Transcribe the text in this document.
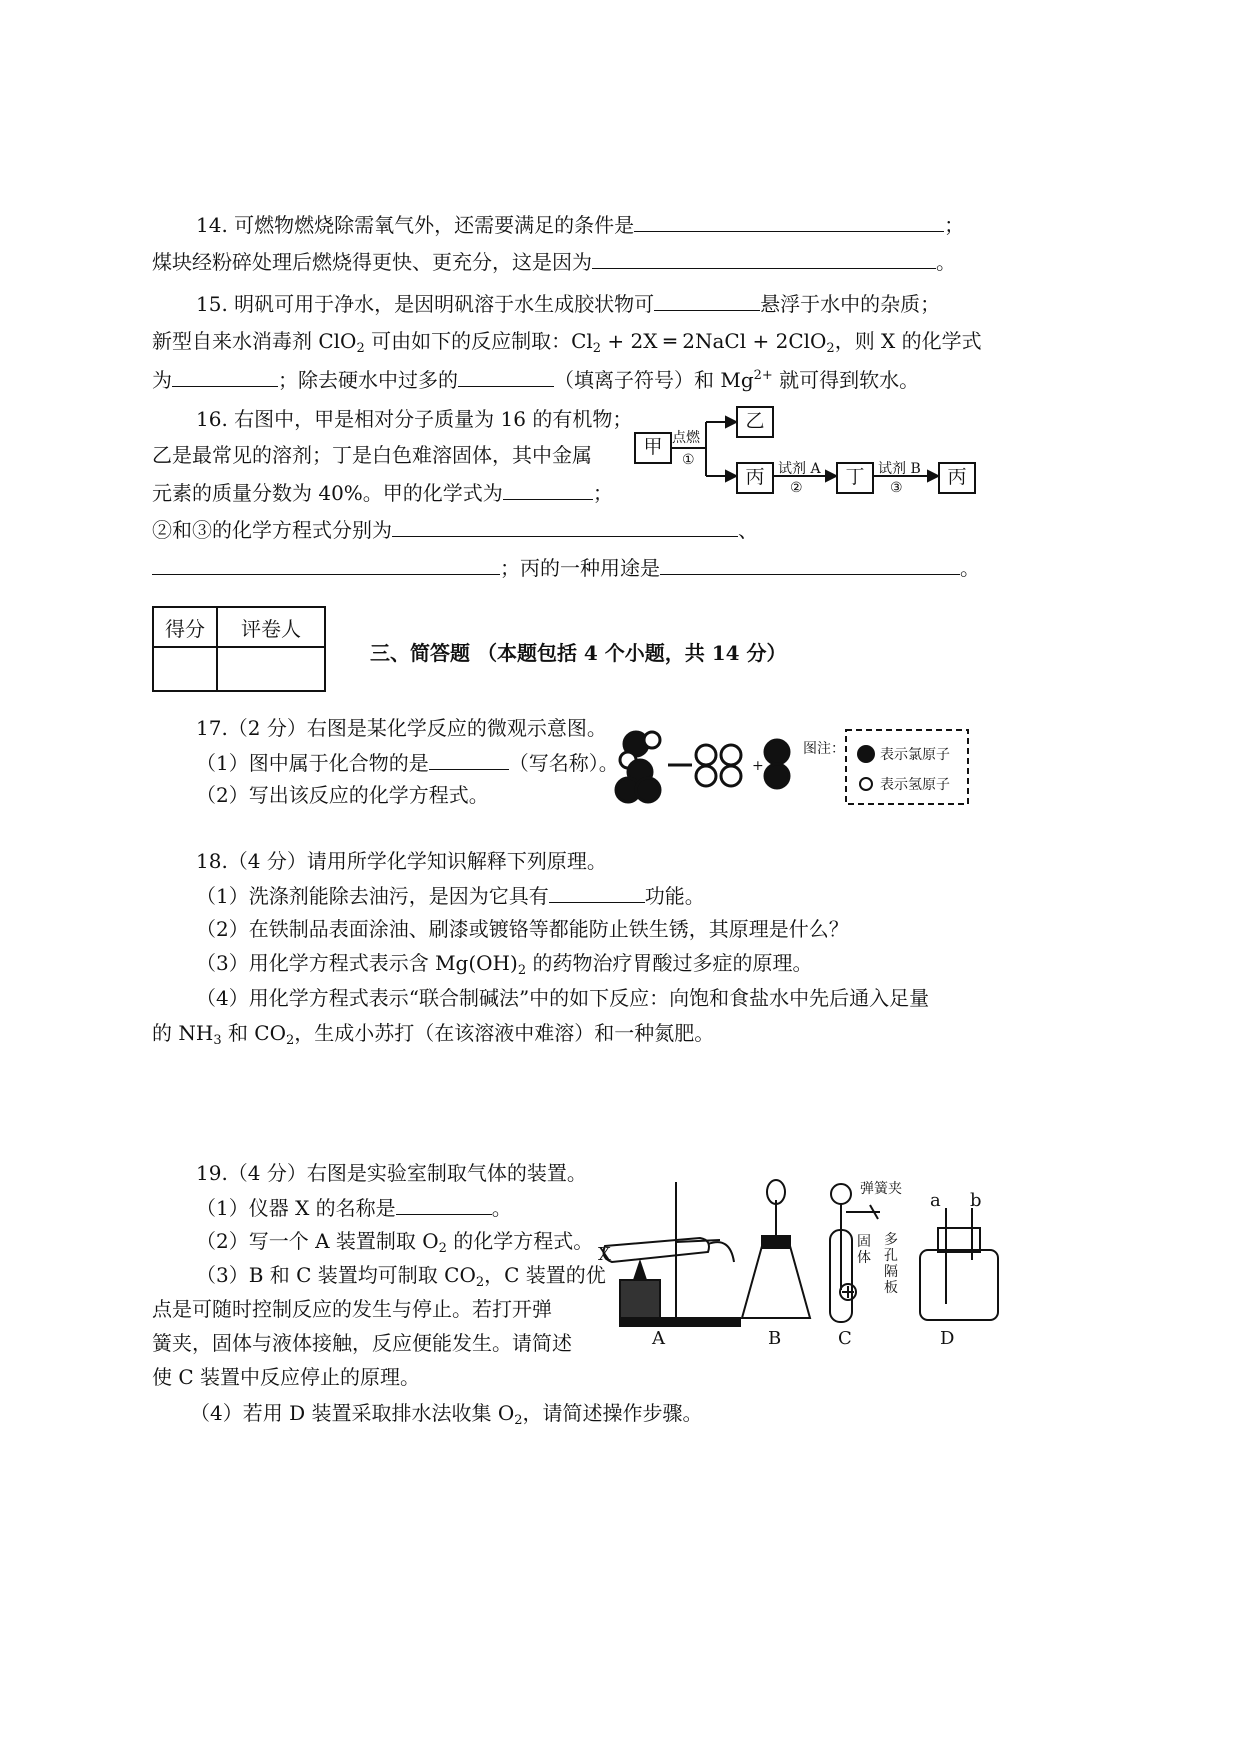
14. 可燃物燃烧除需氧气外，还需要满足的条件是	；
煤块经粉碎处理后燃烧得更快、更充分，这是因为	。
15. 明矾可用于净水，是因明矾溶于水生成胶状物可	悬浮于水中的杂质；
新型自来水消毒剂 ClO$_2$ 可由如下的反应制取：$Cl_2 + 2X$ ═ 2NaCl + 2ClO$_2$，则 X 的化学式
为	；除去硬水中过多的	（填离子符号）和 $Mg^{2+}$ 就可得到软水。
16. 右图中，甲是相对分子质量为 16 的有机物；
乙是最常见的溶剂；丁是白色难溶固体，其中金属
元素的质量分数为 40%。甲的化学式为	；
②和③的化学方程式分别为	、
；丙的一种用途是	。
甲
乙
丙	丁	丙
点燃
①
试剂 A
②
试剂 B
③
得分	评卷人

三、简答题 （本题包括 4 个小题，共 14 分）
17.（2 分）右图是某化学反应的微观示意图。
（1）图中属于化合物的是	（写名称）。
（2）写出该反应的化学方程式。
+
图注：	表示氯原子
表示氢原子
18.（4 分）请用所学化学知识解释下列原理。
（1）洗涤剂能除去油污，是因为它具有	功能。
（2）在铁制品表面涂油、刷漆或镀铬等都能防止铁生锈，其原理是什么？
（3）用化学方程式表示含 $Mg(OH)_2$ 的药物治疗胃酸过多症的原理。
（4）用化学方程式表示“联合制碱法”中的如下反应：向饱和食盐水中先后通入足量
的 $NH_3$ 和 $CO_2$，生成小苏打（在该溶液中难溶）和一种氮肥。
19.（4 分）右图是实验室制取气体的装置。
（1）仪器 X 的名称是	。
（2）写一个 A 装置制取 $O_2$ 的化学方程式。
（3）B 和 C 装置均可制取 $CO_2$，C 装置的优
点是可随时控制反应的发生与停止。若打开弹
簧夹，固体与液体接触，反应便能发生。请简述
使 C 装置中反应停止的原理。
（4）若用 D 装置采取排水法收集 $O_2$，请简述操作步骤。
X
弹簧夹
固体
多孔隔板
a b
A	B	C	D
